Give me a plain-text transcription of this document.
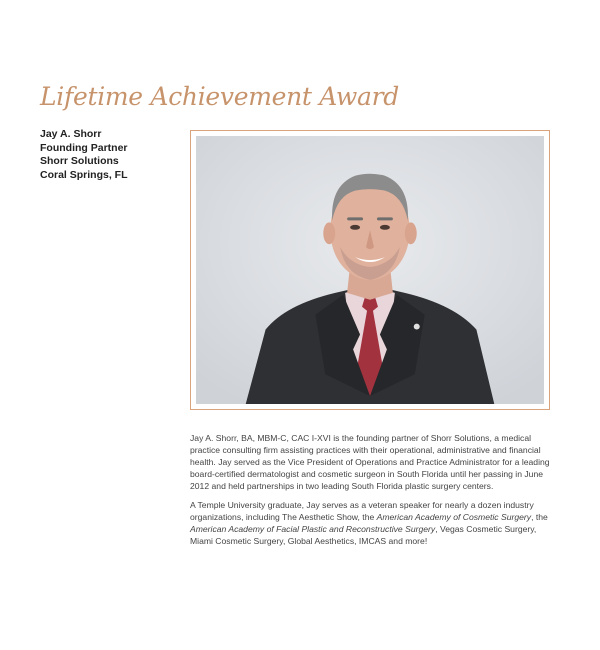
Lifetime Achievement Award
Jay A. Shorr
Founding Partner
Shorr Solutions
Coral Springs, FL

Jay A. Shorr, BA, MBM-C, CAC I-XVI is the founding partner of Shorr Solutions, a medical practice consulting firm assisting practices with their operational, administrative and financial health. Jay served as the Vice President of Operations and Practice Administrator for a leading board-certified dermatologist and cosmetic surgeon in South Florida until her passing in June 2012 and held partnerships in two leading South Florida plastic surgery centers.

A Temple University graduate, Jay serves as a veteran speaker for nearly a dozen industry organizations, including The Aesthetic Show, the American Academy of Cosmetic Surgery, the American Academy of Facial Plastic and Reconstructive Surgery, Vegas Cosmetic Surgery, Miami Cosmetic Surgery, Global Aesthetics, IMCAS and more!
